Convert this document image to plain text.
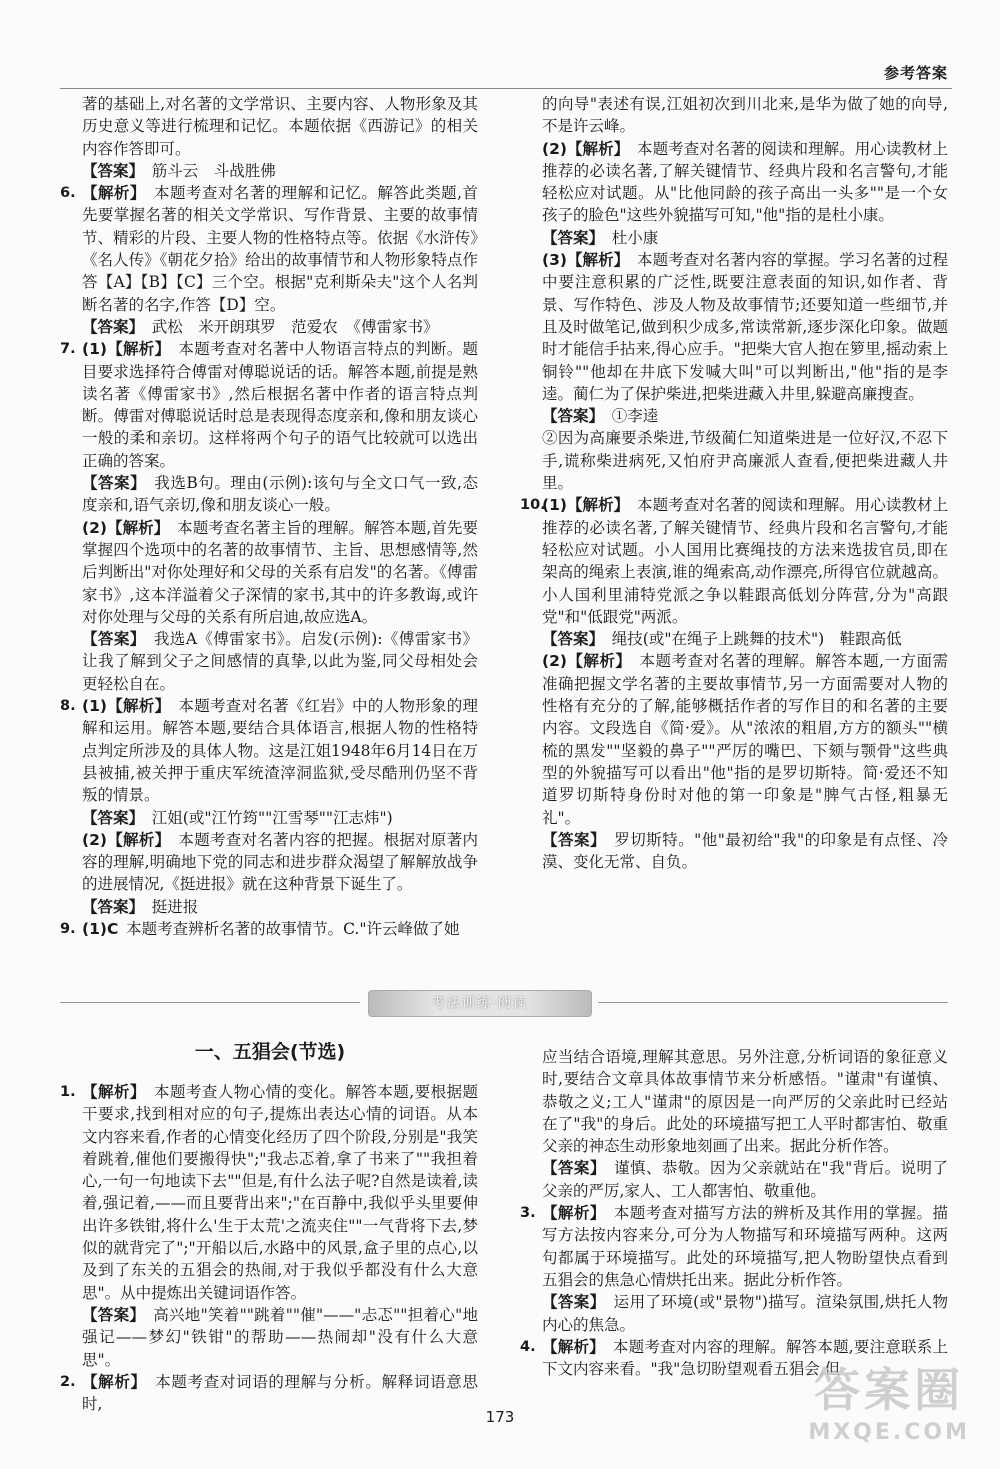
参考答案

著的基础上,对名著的文学常识、主要内容、人物形象及其历史意义等进行梳理和记忆。本题依据《西游记》的相关内容作答即可。

【答案】  筋斗云　斗战胜佛

6. 【解析】  本题考查对名著的理解和记忆。解答此类题,首先要掌握名著的相关文学常识、写作背景、主要的故事情节、精彩的片段、主要人物的性格特点等。依据《水浒传》《名人传》《朝花夕拾》给出的故事情节和人物形象特点作答【A】【B】【C】三个空。根据"克利斯朵夫"这个人名判断名著的名字,作答【D】空。

【答案】  武松　米开朗琪罗　范爱农　《傅雷家书》

7. (1)【解析】  本题考查对名著中人物语言特点的判断。题目要求选择符合傅雷对傅聪说话的话。解答本题,前提是熟读名著《傅雷家书》,然后根据名著中作者的语言特点判断。傅雷对傅聪说话时总是表现得态度亲和,像和朋友谈心一般的柔和亲切。这样将两个句子的语气比较就可以选出正确的答案。

【答案】  我选B句。理由(示例):该句与全文口气一致,态度亲和,语气亲切,像和朋友谈心一般。

(2)【解析】  本题考查名著主旨的理解。解答本题,首先要掌握四个选项中的名著的故事情节、主旨、思想感情等,然后判断出"对你处理好和父母的关系有启发"的名著。《傅雷家书》,这本洋溢着父子深情的家书,其中的许多教诲,或许对你处理与父母的关系有所启迪,故应选A。

【答案】  我选A《傅雷家书》。启发(示例):《傅雷家书》让我了解到父子之间感情的真挚,以此为鉴,同父母相处会更轻松自在。

8. (1)【解析】  本题考查对名著《红岩》中的人物形象的理解和运用。解答本题,要结合具体语言,根据人物的性格特点判定所涉及的具体人物。这是江姐1948年6月14日在万县被捕,被关押于重庆军统渣滓洞监狱,受尽酷刑仍坚不背叛的情景。

【答案】  江姐(或"江竹筠""江雪琴""江志炜")

(2)【解析】  本题考查对名著内容的把握。根据对原著内容的理解,明确地下党的同志和进步群众渴望了解解放战争的进展情况,《挺进报》就在这种背景下诞生了。

【答案】  挺进报

9. (1)C  本题考查辨析名著的故事情节。C."许云峰做了她

的向导"表述有误,江姐初次到川北来,是华为做了她的向导,不是许云峰。

(2)【解析】  本题考查对名著的阅读和理解。用心读教材上推荐的必读名著,了解关键情节、经典片段和名言警句,才能轻松应对试题。从"比他同龄的孩子高出一头多""是一个女孩子的脸色"这些外貌描写可知,"他"指的是杜小康。

【答案】  杜小康

(3)【解析】  本题考查对名著内容的掌握。学习名著的过程中要注意积累的广泛性,既要注意表面的知识,如作者、背景、写作特色、涉及人物及故事情节;还要知道一些细节,并且及时做笔记,做到积少成多,常读常新,逐步深化印象。做题时才能信手拈来,得心应手。"把柴大官人抱在箩里,摇动索上铜铃""他却在井底下发喊大叫"可以判断出,"他"指的是李逵。蔺仁为了保护柴进,把柴进藏入井里,躲避高廉搜查。

【答案】  ①李逵

②因为高廉要杀柴进,节级蔺仁知道柴进是一位好汉,不忍下手,谎称柴进病死,又怕府尹高廉派人查看,便把柴进藏人井里。

10.
(1)【解析】  本题考查对名著的阅读和理解。用心读教材上推荐的必读名著,了解关键情节、经典片段和名言警句,才能轻松应对试题。小人国用比赛绳技的方法来选拔官员,即在架高的绳索上表演,谁的绳索高,动作漂亮,所得官位就越高。小人国利里浦特党派之争以鞋跟高低划分阵营,分为"高跟党"和"低跟党"两派。

【答案】  绳技(或"在绳子上跳舞的技术")　鞋跟高低

(2)【解析】  本题考查对名著的理解。解答本题,一方面需准确把握文学名著的主要故事情节,另一方面需要对人物的性格有充分的了解,能够概括作者的写作目的和名著的主要内容。文段选自《简·爱》。从"浓浓的粗眉,方方的额头""横梳的黑发""坚毅的鼻子""严厉的嘴巴、下颏与颚骨"这些典型的外貌描写可以看出"他"指的是罗切斯特。简·爱还不知道罗切斯特身份时对他的第一印象是"脾气古怪,粗暴无礼"。

【答案】  罗切斯特。"他"最初给"我"的印象是有点怪、冷漠、变化无常、自负。

考法训练·阅读
一、五猖会(节选)

1. 【解析】  本题考查人物心情的变化。解答本题,要根据题干要求,找到相对应的句子,提炼出表达心情的词语。从本文内容来看,作者的心情变化经历了四个阶段,分别是"我笑着跳着,催他们要搬得快";"我忐忑着,拿了书来了""我担着心,一句一句地读下去""但是,有什么法子呢?自然是读着,读着,强记着,——而且要背出来";"在百静中,我似乎头里要伸出许多铁钳,将什么'生于太荒'之流夹住""一气背将下去,梦似的就背完了";"开船以后,水路中的风景,盒子里的点心,以及到了东关的五猖会的热闹,对于我似乎都没有什么大意思"。从中提炼出关键词语作答。

【答案】  高兴地"笑着""跳着""催"——"忐忑""担着心"地强记——梦幻"铁钳"的帮助——热闹却"没有什么大意思"。

2. 【解析】  本题考查对词语的理解与分析。解释词语意思时,

应当结合语境,理解其意思。另外注意,分析词语的象征意义时,要结合文章具体故事情节来分析感悟。"谨肃"有谨慎、恭敬之义;工人"谨肃"的原因是一向严厉的父亲此时已经站在了"我"的身后。此处的环境描写把工人平时都害怕、敬重父亲的神态生动形象地刻画了出来。据此分析作答。

【答案】  谨慎、恭敬。因为父亲就站在"我"背后。说明了父亲的严厉,家人、工人都害怕、敬重他。

3. 【解析】  本题考查对描写方法的辨析及其作用的掌握。描写方法按内容来分,可分为人物描写和环境描写两种。这两句都属于环境描写。此处的环境描写,把人物盼望快点看到五猖会的焦急心情烘托出来。据此分析作答。

【答案】  运用了环境(或"景物")描写。渲染氛围,烘托人物内心的焦急。

4. 【解析】  本题考查对内容的理解。解答本题,要注意联系上下文内容来看。"我"急切盼望观看五猖会,但

173	答案圈
MXQE.COM
